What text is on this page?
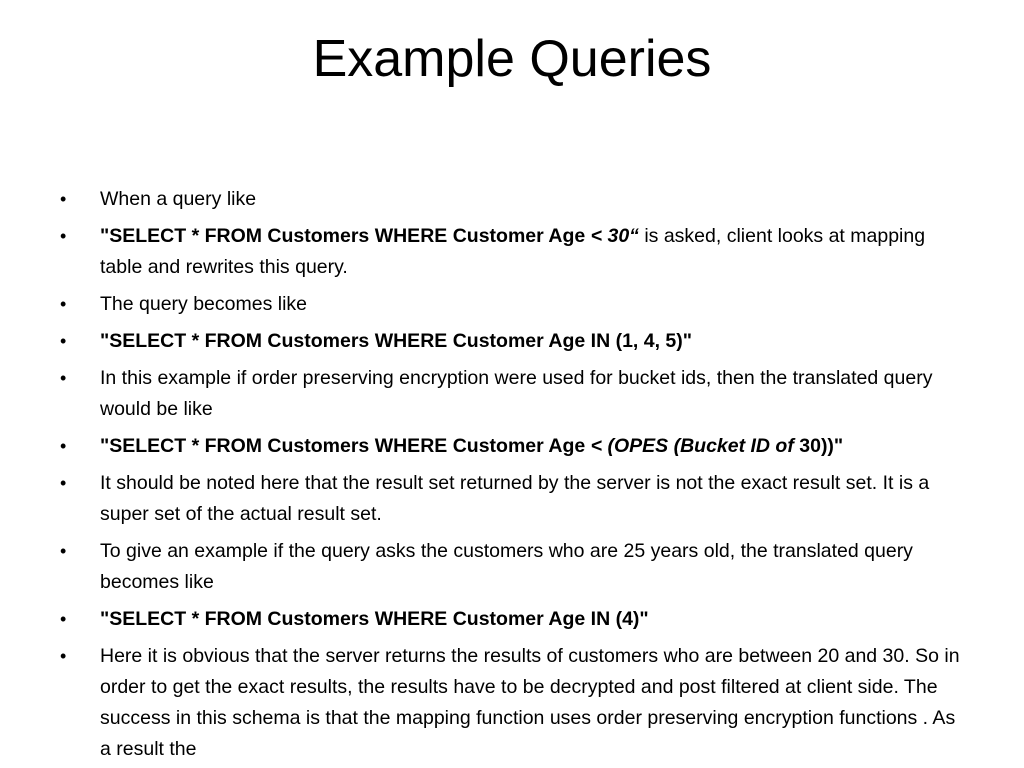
Example Queries
•	When a query like
•	"SELECT * FROM Customers WHERE Customer Age < 30“ is asked, client looks at mapping table and rewrites this query.
•	The query becomes like
•	"SELECT * FROM Customers WHERE Customer Age IN (1, 4, 5)"
•	In this example if order preserving encryption were used for bucket ids, then the translated query would be like
•	"SELECT * FROM Customers WHERE Customer Age < (OPES (Bucket ID of 30))"
•	It should be noted here that the result set returned by the server is not the exact result set. It is a super set of the actual result set.
•	To give an example if the query asks the customers who are 25 years old, the translated query becomes like
•	"SELECT * FROM Customers WHERE Customer Age IN (4)"
•	Here it is obvious that the server returns the results of customers who are between 20 and 30. So in order to get the exact results, the results have to be decrypted and post filtered at client side. The success in this schema is that the mapping function uses order preserving encryption functions . As a result the
